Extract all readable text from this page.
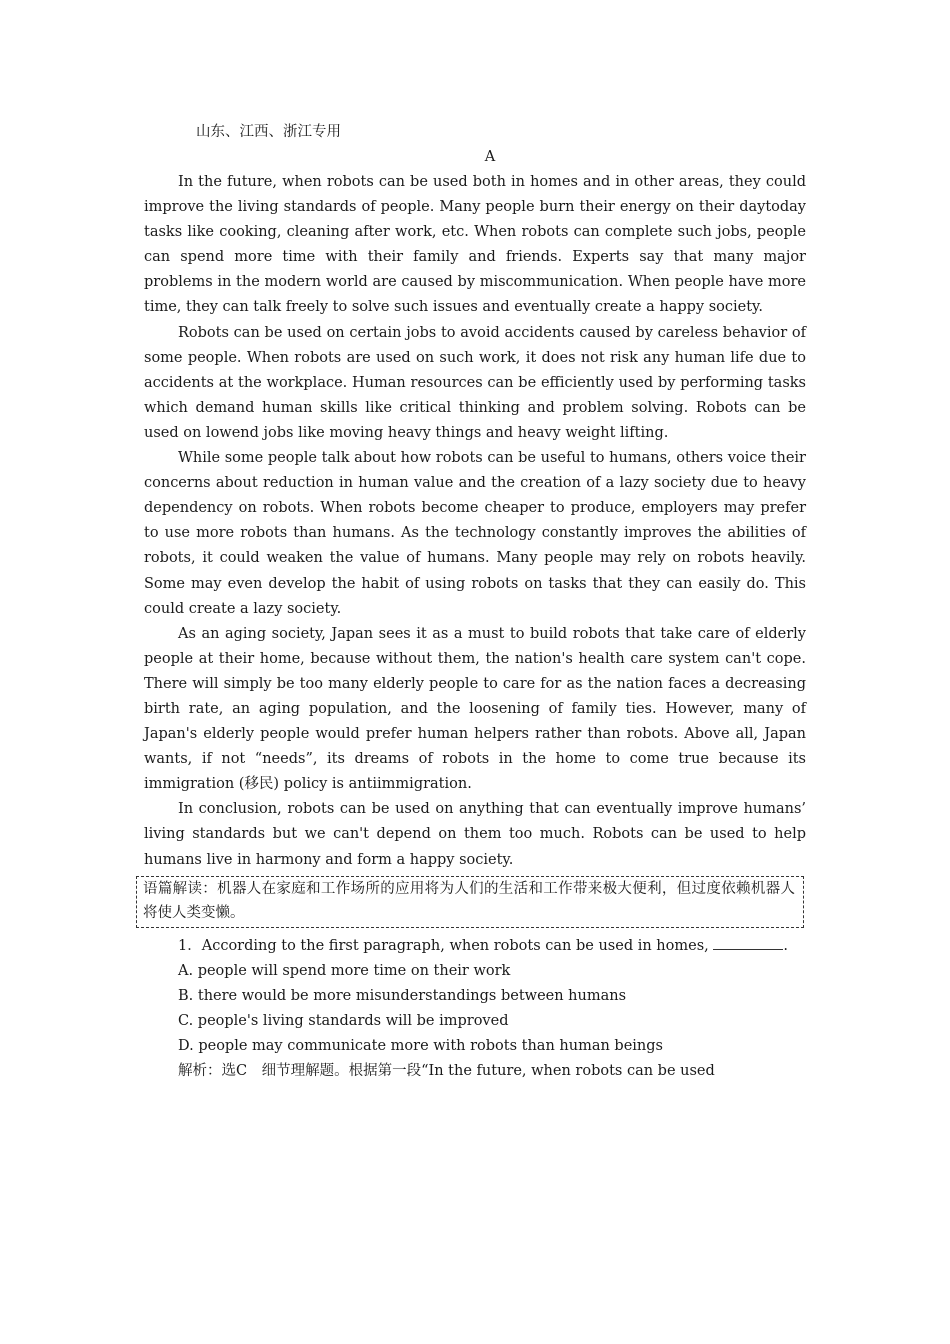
山东、江西、浙江专用
A

In the future, when robots can be used both in homes and in other areas, they could improve the living standards of people. Many people burn their energy on their daytoday tasks like cooking, cleaning after work, etc. When robots can complete such jobs, people can spend more time with their family and friends. Experts say that many major problems in the modern world are caused by miscommunication. When people have more time, they can talk freely to solve such issues and eventually create a happy society.

Robots can be used on certain jobs to avoid accidents caused by careless behavior of some people. When robots are used on such work, it does not risk any human life due to accidents at the workplace. Human resources can be efficiently used by performing tasks which demand human skills like critical thinking and problem solving. Robots can be used on lowend jobs like moving heavy things and heavy weight lifting.

While some people talk about how robots can be useful to humans, others voice their concerns about reduction in human value and the creation of a lazy society due to heavy dependency on robots. When robots become cheaper to produce, employers may prefer to use more robots than humans. As the technology constantly improves the abilities of robots, it could weaken the value of humans. Many people may rely on robots heavily. Some may even develop the habit of using robots on tasks that they can easily do. This could create a lazy society.

As an aging society, Japan sees it as a must to build robots that take care of elderly people at their home, because without them, the nation's health care system can't cope. There will simply be too many elderly people to care for as the nation faces a decreasing birth rate, an aging population, and the loosening of family ties. However, many of Japan's elderly people would prefer human helpers rather than robots. Above all, Japan wants, if not “needs”, its dreams of robots in the home to come true because its immigration (移民) policy is antiimmigration.

In conclusion, robots can be used on anything that can eventually improve humans’ living standards but we can't depend on them too much. Robots can be used to help humans live in harmony and form a happy society.

语篇解读：机器人在家庭和工作场所的应用将为人们的生活和工作带来极大便利，但过度依赖机器人将使人类变懒。

1．According to the first paragraph, when robots can be used in homes,	.

A. people will spend more time on their work

B. there would be more misunderstandings between humans

C. people's living standards will be improved

D. people may communicate more with robots than human beings

解析：选C　细节理解题。根据第一段“In the future, when robots can be used
